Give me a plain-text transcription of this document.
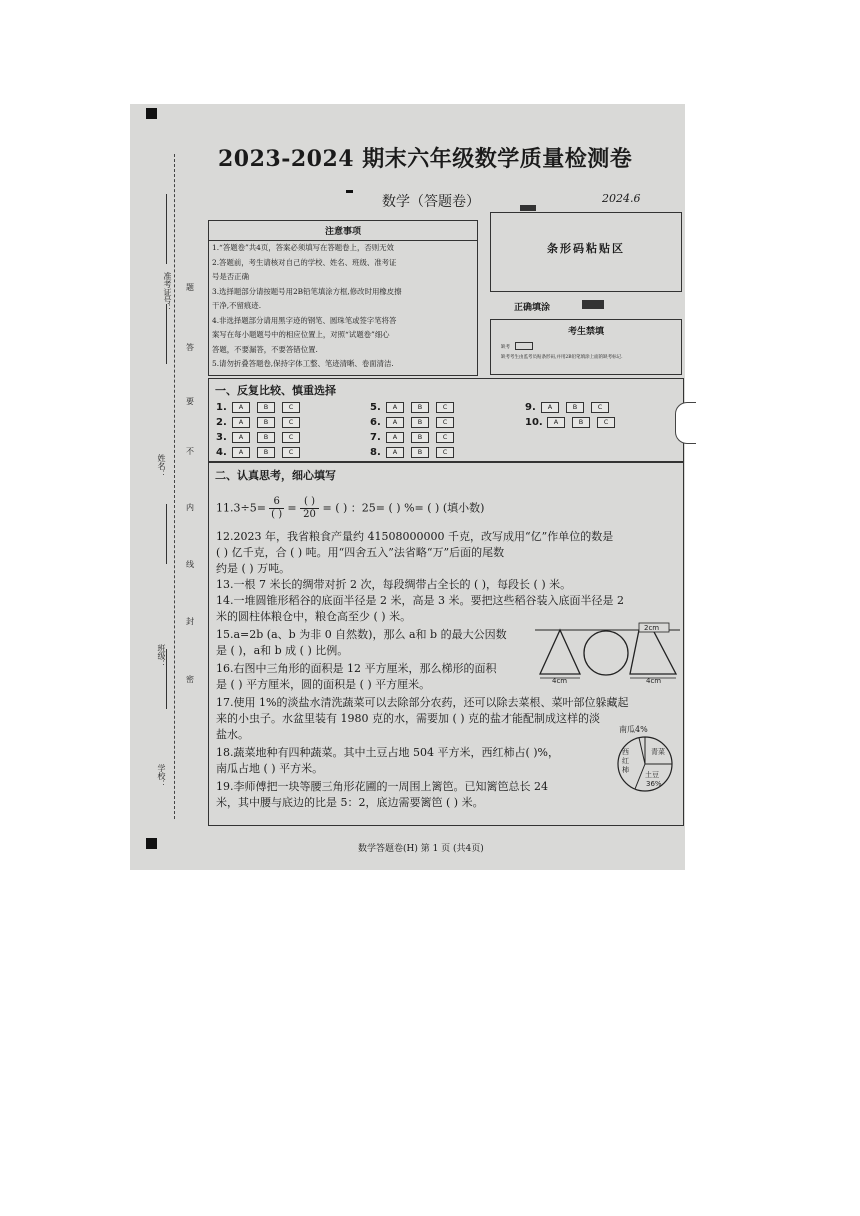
准考证号：
姓名：
班级：
学校：
题
答
要
不
内
线
封
密
2023-2024 期末六年级数学质量检测卷
数学（答题卷）	2024.6
注意事项
1.“答题卷”共4页，答案必须填写在答题卷上，否则无效
2.答题前，考生请核对自己的学校、姓名、班级、准考证
号是否正确
3.选择题部分请按题号用2B铅笔填涂方框,修改时用橡皮擦
干净,不留痕迹.
4.非选择题部分请用黑字迹的钢笔、圆珠笔或签字笔将答
案写在每小题题号中的相应位置上，对照“试题卷”细心
答题，不要漏答，不要答错位置.
5.请勿折叠答题卷,保持字体工整、笔迹清晰、卷面清洁.
条形码粘贴区
正确填涂
考生禁填
缺考
缺考考生由监考员贴条形码,并用2B铅笔填涂上面的缺考标记.
一、反复比较、慎重选择
二、认真思考，细心填写
$11.3\div 5= \frac{6}{( )} = \frac{( )}{20}$ = ( ) ：25= ( ) %= ( ) (填小数)
12.2023 年，我省粮食产量约 41508000000 千克，改写成用“亿”作单位的数是
( ) 亿千克，合 ( ) 吨。用“四舍五入”法省略“万”后面的尾数
约是 ( ) 万吨。
13.一根 7 米长的绸带对折 2 次，每段绸带占全长的 ( )，每段长 ( ) 米。
14.一堆圆锥形稻谷的底面半径是 2 米，高是 3 米。要把这些稻谷装入底面半径是 2
米的圆柱体粮仓中，粮仓高至少 ( ) 米。
15.a=2b (a、b 为非 0 自然数)，那么 a和 b 的最大公因数
是 ( )，a和 b 成 ( ) 比例。
16.右图中三角形的面积是 12 平方厘米，那么梯形的面积
是 ( ) 平方厘米，圆的面积是 ( ) 平方厘米。
17.使用 1%的淡盐水清洗蔬菜可以去除部分农药，还可以除去菜根、菜叶部位躲藏起
来的小虫子。水盆里装有 1980 克的水，需要加 ( ) 克的盐才能配制成这样的淡
盐水。
18.蔬菜地种有四种蔬菜。其中土豆占地 504 平方米，西红柿占( )%，
南瓜占地 ( ) 平方米。
19.李师傅把一块等腰三角形花圃的一周围上篱笆。已知篱笆总长 24
米，其中腰与底边的比是 5：2，底边需要篱笆 ( ) 米。
4cm	4cm
2cm
南瓜4%
青菜
土豆
36%
西红柿
数学答题卷(H) 第 1 页 (共4页)
1.	A	B	C
2.	A	B	C
3.	A	B	C
4.	A	B	C
5.	A	B	C
6.	A	B	C
7.	A	B	C
8.	A	B	C
9.	A	B	C
10.	A	B	C
